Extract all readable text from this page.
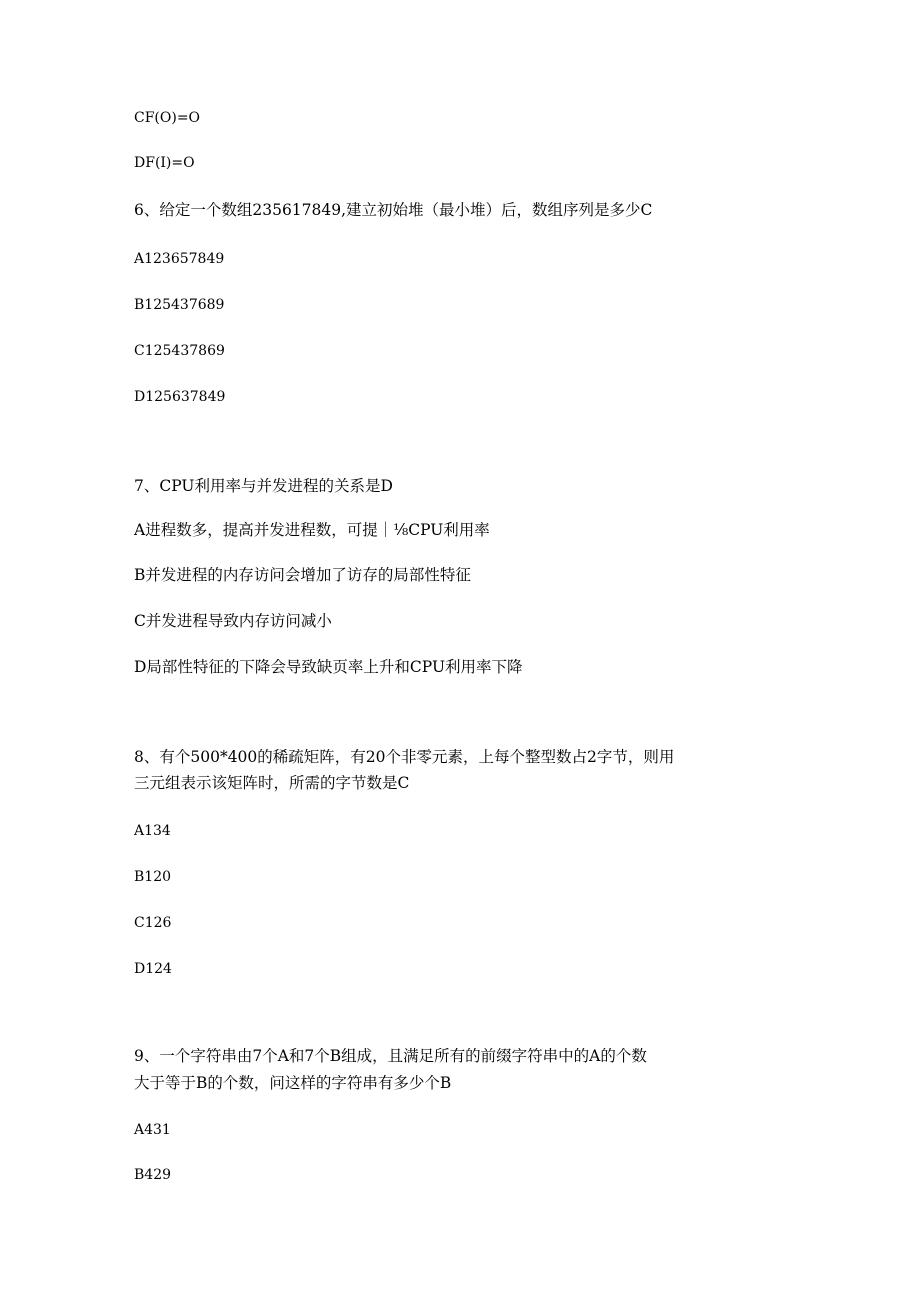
CF(O)=O

DF(I)=O

6、给定一个数组235617849,建立初始堆（最小堆）后，数组序列是多少C

A123657849

B125437689

C125437869

D125637849

7、CPU利用率与并发进程的关系是D

A进程数多，提高并发进程数，可提｜⅛CPU利用率

B并发进程的内存访问会增加了访存的局部性特征

C并发进程导致内存访问减小

D局部性特征的下降会导致缺页率上升和CPU利用率下降

8、有个500*400的稀疏矩阵，有20个非零元素，上每个整型数占2字节，则用

三元组表示该矩阵时，所需的字节数是C

A134

B120

C126

D124

9、一个字符串由7个A和7个B组成，且满足所有的前缀字符串中的A的个数

大于等于B的个数，问这样的字符串有多少个B

A431

B429
